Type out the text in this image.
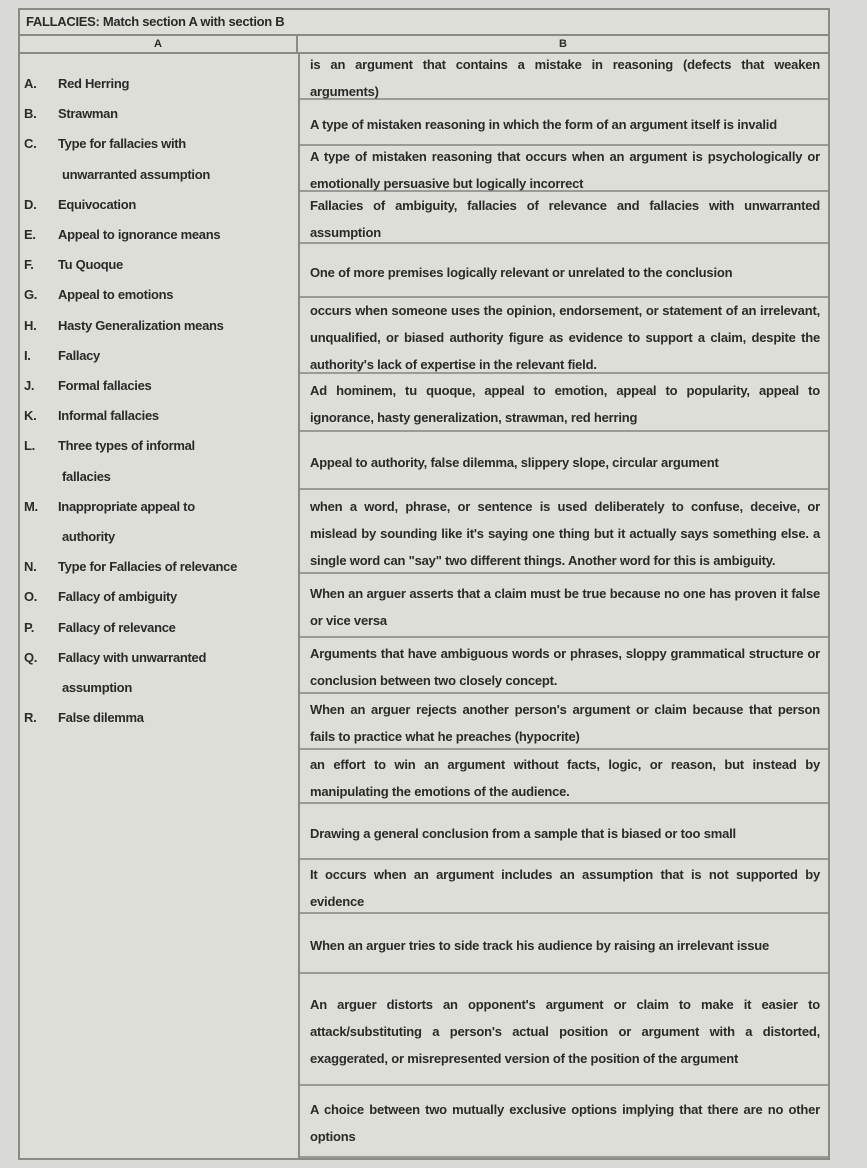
FALLACIES: Match section A with section B
A	B
A. Red Herring
B. Strawman
C. Type for fallacies with
unwarranted assumption
D. Equivocation
E. Appeal to ignorance means
F. Tu Quoque
G. Appeal to emotions
H. Hasty Generalization means
I. Fallacy
J. Formal fallacies
K. Informal fallacies
L. Three types of informal
fallacies
M. Inappropriate appeal to
authority
N. Type for Fallacies of relevance
O. Fallacy of ambiguity
P. Fallacy of relevance
Q. Fallacy with unwarranted
assumption
R. False dilemma
is an argument that contains a mistake in reasoning (defects that weaken arguments)
A type of mistaken reasoning in which the form of an argument itself is invalid
A type of mistaken reasoning that occurs when an argument is psychologically or emotionally persuasive but logically incorrect
Fallacies of ambiguity, fallacies of relevance and fallacies with unwarranted assumption
One of more premises logically relevant or unrelated to the conclusion
occurs when someone uses the opinion, endorsement, or statement of an irrelevant, unqualified, or biased authority figure as evidence to support a claim, despite the authority's lack of expertise in the relevant field.
Ad hominem, tu quoque, appeal to emotion, appeal to popularity, appeal to ignorance, hasty generalization, strawman, red herring
Appeal to authority, false dilemma, slippery slope, circular argument
when a word, phrase, or sentence is used deliberately to confuse, deceive, or mislead by sounding like it's saying one thing but it actually says something else. a single word can "say" two different things. Another word for this is ambiguity.
When an arguer asserts that a claim must be true because no one has proven it false or vice versa
Arguments that have ambiguous words or phrases, sloppy grammatical structure or conclusion between two closely concept.
When an arguer rejects another person's argument or claim because that person fails to practice what he preaches (hypocrite)
an effort to win an argument without facts, logic, or reason, but instead by manipulating the emotions of the audience.
Drawing a general conclusion from a sample that is biased or too small
It occurs when an argument includes an assumption that is not supported by evidence
When an arguer tries to side track his audience by raising an irrelevant issue
An arguer distorts an opponent's argument or claim to make it easier to attack/substituting a person's actual position or argument with a distorted, exaggerated, or misrepresented version of the position of the argument
A choice between two mutually exclusive options implying that there are no other options
